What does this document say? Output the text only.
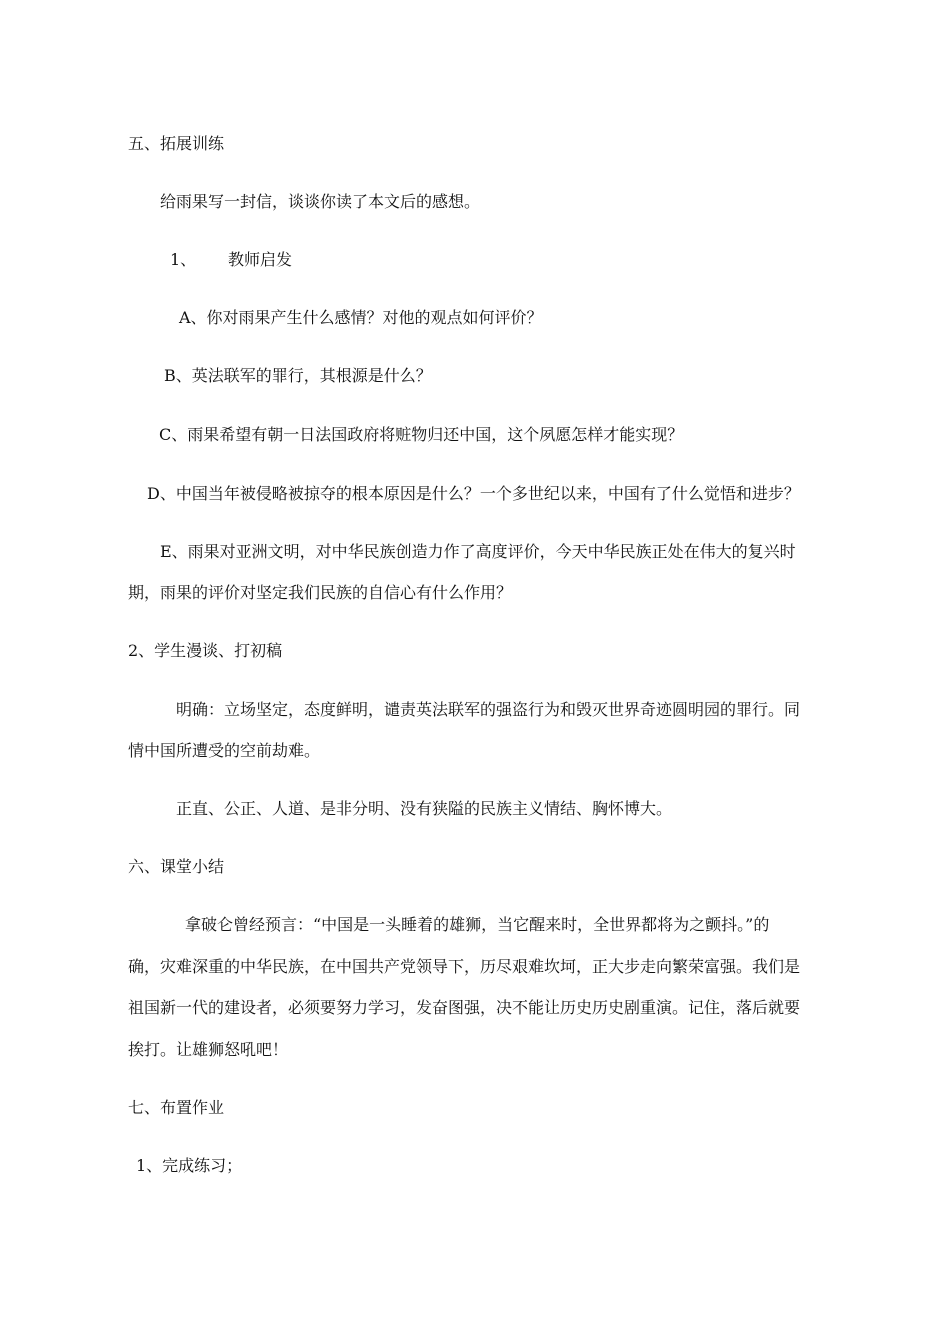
五、拓展训练
给雨果写一封信，谈谈你读了本文后的感想。
1、 教师启发
A、你对雨果产生什么感情？对他的观点如何评价？
B、英法联军的罪行，其根源是什么？
C、雨果希望有朝一日法国政府将赃物归还中国，这个夙愿怎样才能实现？
D、中国当年被侵略被掠夺的根本原因是什么？一个多世纪以来，中国有了什么觉悟和进步？
E、雨果对亚洲文明，对中华民族创造力作了高度评价，今天中华民族正处在伟大的复兴时
期，雨果的评价对坚定我们民族的自信心有什么作用？
2、学生漫谈、打初稿
明确：立场坚定，态度鲜明，谴责英法联军的强盗行为和毁灭世界奇迹圆明园的罪行。同
情中国所遭受的空前劫难。
正直、公正、人道、是非分明、没有狭隘的民族主义情结、胸怀博大。
六、课堂小结
拿破仑曾经预言：“中国是一头睡着的雄狮，当它醒来时，全世界都将为之颤抖。”的
确，灾难深重的中华民族，在中国共产党领导下，历尽艰难坎坷，正大步走向繁荣富强。我们是
祖国新一代的建设者，必须要努力学习，发奋图强，决不能让历史历史剧重演。记住，落后就要
挨打。让雄狮怒吼吧！
七、布置作业
1、完成练习；
